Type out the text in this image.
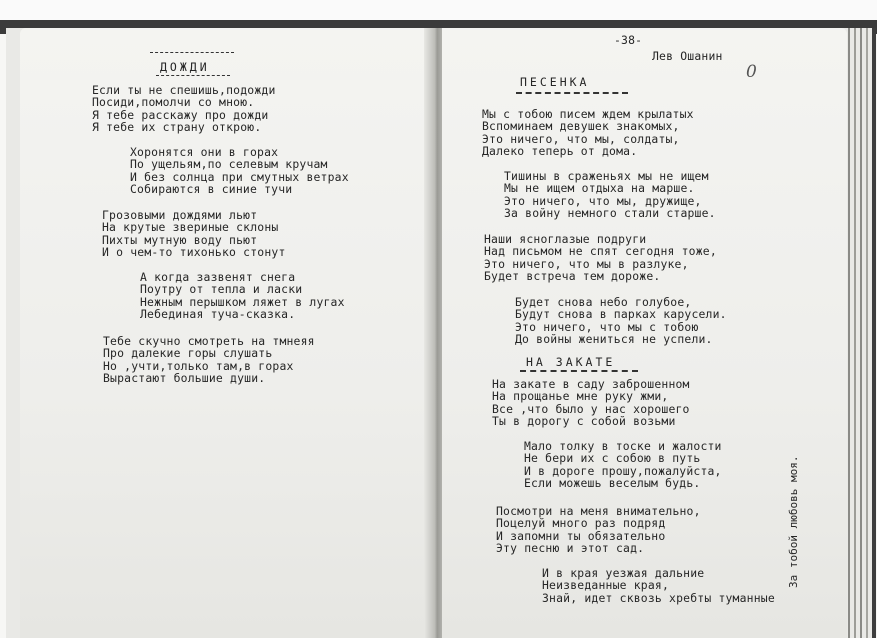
ДОЖДИ
Если ты не спешишь,подожди
Посиди,помолчи со мною.
Я тебе расскажу про дожди
Я тебе их страну открою.
Хоронятся они в горах
По ущельям,по селевым кручам
И без солнца при смутных ветрах
Собираются в синие тучи
Грозовыми дождями льют
На крутые звериные склоны
Пихты мутную воду пьют
И о чем-то тихонько стонут
А когда зазвенят снега
Поутру от тепла и ласки
Нежным перышком ляжет в лугах
Лебединая туча-сказка.
Тебе скучно смотреть на тмнеяя
Про далекие горы слушать
Но ,учти,только там,в горах
Вырастают большие души.
-38-
Лев Ошанин
0
ПЕСЕНКА
Мы с тобою писем ждем крылатых
Вспоминаем девушек знакомых,
Это ничего, что мы, солдаты,
Далеко теперь от дома.
Тишины в сраженьях мы не ищем
Мы не ищем отдыха на марше.
Это ничего, что мы, дружище,
За войну немного стали старше.
Наши ясноглазые подруги
Над письмом не спят сегодня тоже,
Это ничего, что мы в разлуке,
Будет встреча тем дороже.
Будет снова небо голубое,
Будут снова в парках карусели.
Это ничего, что мы с тобою
До войны жениться не успели.
НА ЗАКАТЕ
На закате в саду заброшенном
На прощанье мне руку жми,
Все ,что было у нас хорошего
Ты в дорогу с собой возьми
Мало толку в тоске и жалости
Не бери их с собою в путь
И в дороге прошу,пожалуйста,
Если можешь веселым будь.
Посмотри на меня внимательно,
Поцелуй много раз подряд
И запомни ты обязательно
Эту песню и этот сад.
И в края уезжая дальние
Неизведанные края,
Знай, идет сквозь хребты туманные
За тобой любовь моя.
